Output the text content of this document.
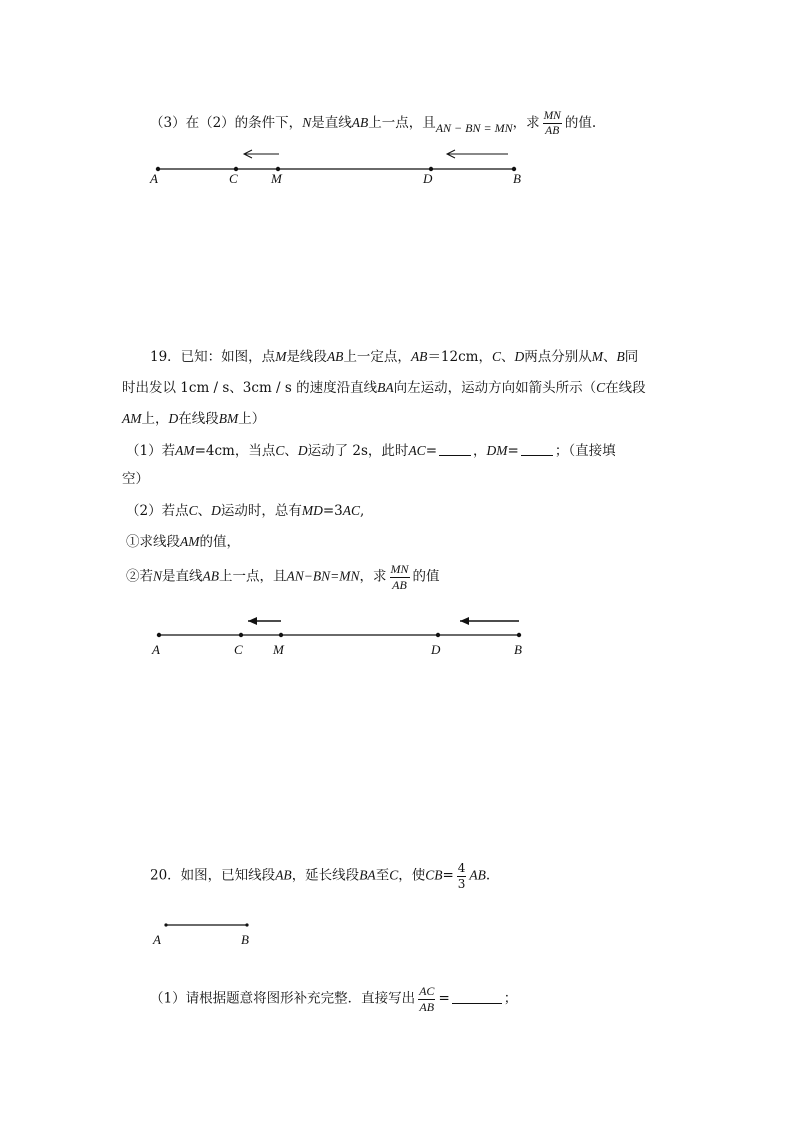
（3）在（2）的条件下，N是直线AB上一点，且AN − BN = MN，求 $\frac{MN}{AB}$ 的值.
A	C	M	D	B
19．已知：如图，点M是线段AB上一定点，AB＝12cm，C、D两点分别从M、B同
时出发以 1cm / s、3cm / s 的速度沿直线BA向左运动，运动方向如箭头所示（C在线段
AM上，D在线段BM上）
（1）若AM=4cm，当点C、D运动了 2s，此时AC=	，DM=	；（直接填
空）
（2）若点C、D运动时，总有MD=3AC,
①求线段AM的值，
②若N是直线AB上一点，且AN−BN=MN，求 $\frac{MN}{AB}$ 的值
A	C M	D	B
20．如图，已知线段AB，延长线段BA至C，使$CB= \frac{4}{3}$ AB.
A	B
（1）请根据题意将图形补充完整．直接写出 $\frac{AC}{AB}$ =	；
